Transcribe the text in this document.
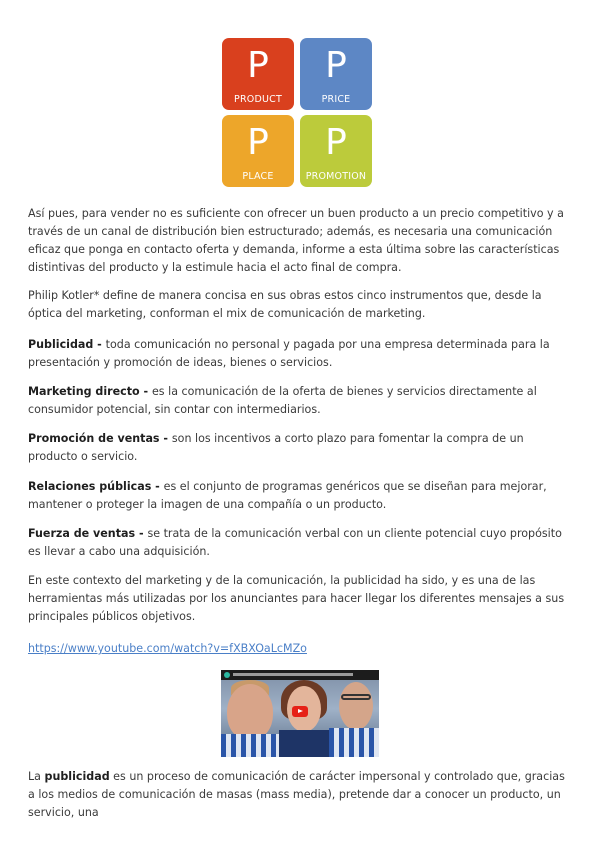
P
PRODUCT
P
PRICE
P
PLACE
P
PROMOTION

Así pues, para vender no es suficiente con ofrecer un buen producto a un precio competitivo y a través de un canal de distribución bien estructurado; además, es necesaria una comunicación eficaz que ponga en contacto oferta y demanda, informe a esta última sobre las características distintivas del producto y la estimule hacia el acto final de compra.

Philip Kotler* define de manera concisa en sus obras estos cinco instrumentos que, desde la óptica del marketing, conforman el mix de comunicación de marketing.

Publicidad - toda comunicación no personal y pagada por una empresa determinada para la presentación y promoción de ideas, bienes o servicios.

Marketing directo - es la comunicación de la oferta de bienes y servicios directamente al consumidor potencial, sin contar con intermediarios.

Promoción de ventas - son los incentivos a corto plazo para fomentar la compra de un producto o servicio.

Relaciones públicas - es el conjunto de programas genéricos que se diseñan para mejorar, mantener o proteger la imagen de una compañía o un producto.

Fuerza de ventas - se trata de la comunicación verbal con un cliente potencial cuyo propósito es llevar a cabo una adquisición.

En este contexto del marketing y de la comunicación, la publicidad ha sido, y es una de las herramientas más utilizadas por los anunciantes para hacer llegar los diferentes mensajes a sus principales públicos objetivos.

https://www.youtube.com/watch?v=fXBXOaLcMZo

La publicidad es un proceso de comunicación de carácter impersonal y controlado que, gracias a los medios de comunicación de masas (mass media), pretende dar a conocer un producto, un servicio, una
